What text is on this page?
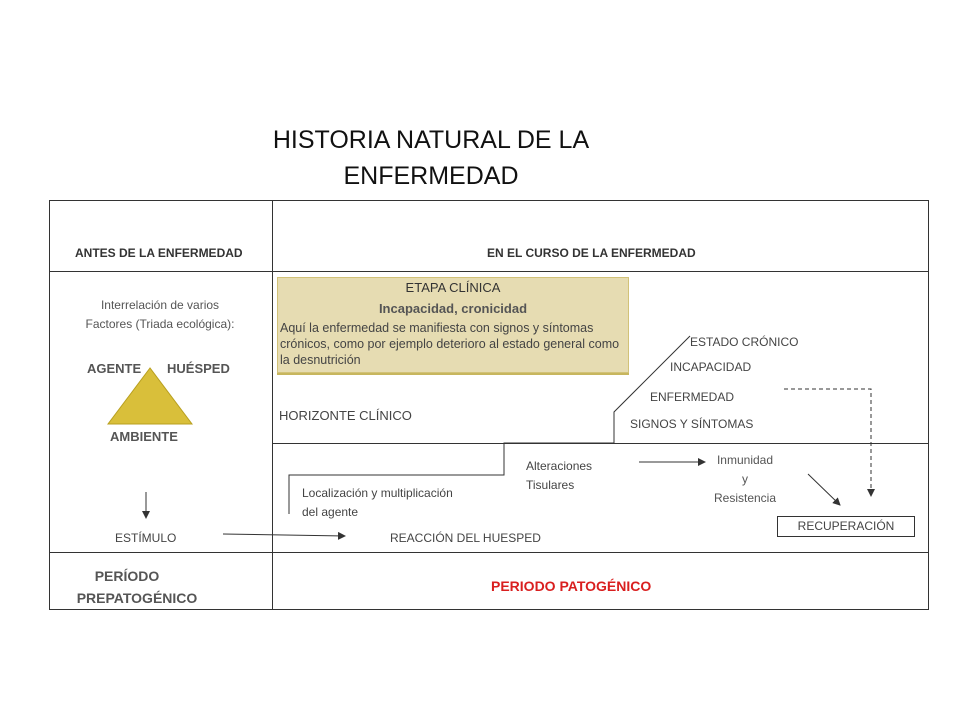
HISTORIA NATURAL DE LA
ENFERMEDAD
ANTES DE LA ENFERMEDAD	EN EL CURSO DE LA ENFERMEDAD
Interrelación de varios
Factores (Triada ecológica):
AGENTE HUÉSPED
AMBIENTE
ESTÍMULO
PERÍODO
PREPATOGÉNICO
ETAPA CLÍNICA
Incapacidad, cronicidad
Aquí la enfermedad se manifiesta con signos y síntomas crónicos, como por ejemplo deterioro al estado general como la desnutrición
HORIZONTE CLÍNICO
ESTADO CRÓNICO
INCAPACIDAD
ENFERMEDAD
SIGNOS Y SÍNTOMAS
Alteraciones
Tisulares
Localización y multiplicación
del agente
Inmunidad
y
Resistencia
RECUPERACIÓN
REACCIÓN DEL HUESPED
PERIODO PATOGÉNICO
